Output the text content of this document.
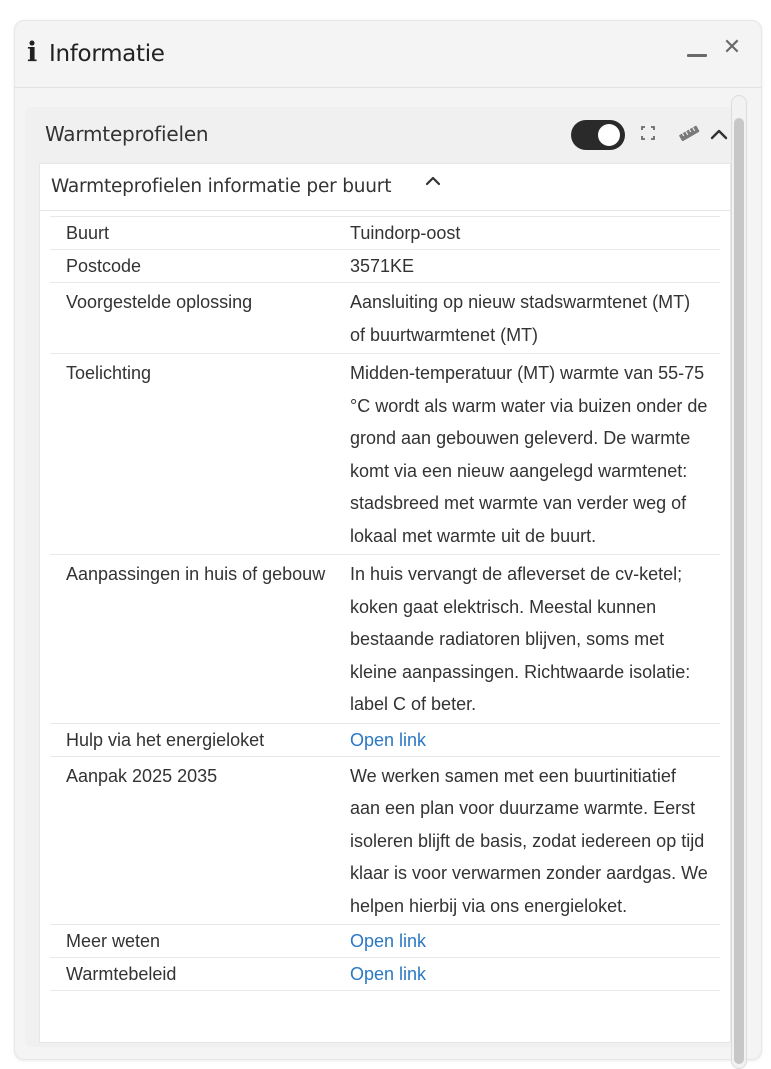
i Informatie	✕
Warmteprofielen
Warmteprofielen informatie per buurt
Buurt	Tuindorp-oost
Postcode	3571KE
Voorgestelde oplossing	Aansluiting op nieuw stadswarmtenet (MT) of buurtwarmtenet (MT)
Toelichting	Midden-temperatuur (MT) warmte van 55-75 °C wordt als warm water via buizen onder de grond aan gebouwen geleverd. De warmte komt via een nieuw aangelegd warmtenet: stadsbreed met warmte van verder weg of lokaal met warmte uit de buurt.
Aanpassingen in huis of gebouw	In huis vervangt de afleverset de cv-ketel; koken gaat elektrisch. Meestal kunnen bestaande radiatoren blijven, soms met kleine aanpassingen. Richtwaarde isolatie: label C of beter.
Hulp via het energieloket	Open link
Aanpak 2025 2035	We werken samen met een buurtinitiatief aan een plan voor duurzame warmte. Eerst isoleren blijft de basis, zodat iedereen op tijd klaar is voor verwarmen zonder aardgas. We helpen hierbij via ons energieloket.
Meer weten	Open link
Warmtebeleid	Open link
